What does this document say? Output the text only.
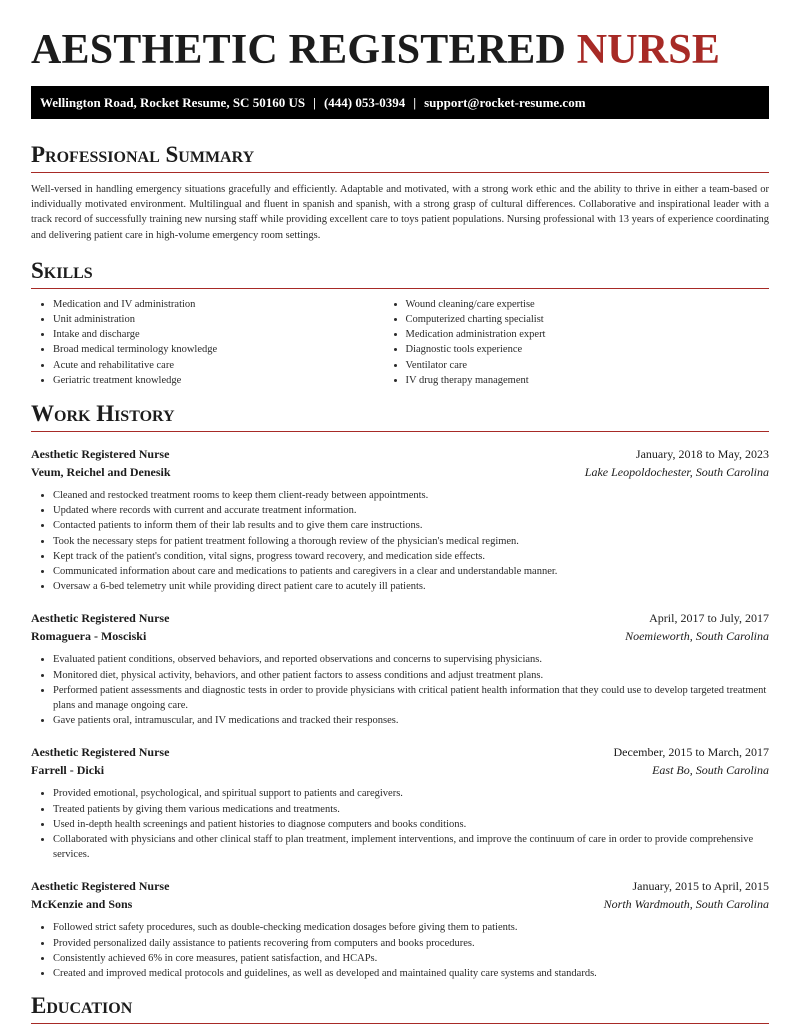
AESTHETIC REGISTERED NURSE
Wellington Road, Rocket Resume, SC 50160 US | (444) 053-0394 | support@rocket-resume.com
Professional Summary

Well-versed in handling emergency situations gracefully and efficiently. Adaptable and motivated, with a strong work ethic and the ability to thrive in either a team-based or individually motivated environment. Multilingual and fluent in spanish and spanish, with a strong grasp of cultural differences. Collaborative and inspirational leader with a track record of successfully training new nursing staff while providing excellent care to toys patient populations. Nursing professional with 13 years of experience coordinating and delivering patient care in high-volume emergency room settings.

Skills
• Medication and IV administration
• Unit administration
• Intake and discharge
• Broad medical terminology knowledge
• Acute and rehabilitative care
• Geriatric treatment knowledge
• Wound cleaning/care expertise
• Computerized charting specialist
• Medication administration expert
• Diagnostic tools experience
• Ventilator care
• IV drug therapy management
Work History
Aesthetic Registered Nurse	January, 2018 to May, 2023
Veum, Reichel and Denesik	Lake Leopoldochester, South Carolina
• Cleaned and restocked treatment rooms to keep them client-ready between appointments.
• Updated where records with current and accurate treatment information.
• Contacted patients to inform them of their lab results and to give them care instructions.
• Took the necessary steps for patient treatment following a thorough review of the physician's medical regimen.
• Kept track of the patient's condition, vital signs, progress toward recovery, and medication side effects.
• Communicated information about care and medications to patients and caregivers in a clear and understandable manner.
• Oversaw a 6-bed telemetry unit while providing direct patient care to acutely ill patients.
Aesthetic Registered Nurse	April, 2017 to July, 2017
Romaguera - Mosciski	Noemieworth, South Carolina
• Evaluated patient conditions, observed behaviors, and reported observations and concerns to supervising physicians.
• Monitored diet, physical activity, behaviors, and other patient factors to assess conditions and adjust treatment plans.
• Performed patient assessments and diagnostic tests in order to provide physicians with critical patient health information that they could use to develop targeted treatment plans and manage ongoing care.
• Gave patients oral, intramuscular, and IV medications and tracked their responses.
Aesthetic Registered Nurse	December, 2015 to March, 2017
Farrell - Dicki	East Bo, South Carolina
• Provided emotional, psychological, and spiritual support to patients and caregivers.
• Treated patients by giving them various medications and treatments.
• Used in-depth health screenings and patient histories to diagnose computers and books conditions.
• Collaborated with physicians and other clinical staff to plan treatment, implement interventions, and improve the continuum of care in order to provide comprehensive services.
Aesthetic Registered Nurse	January, 2015 to April, 2015
McKenzie and Sons	North Wardmouth, South Carolina
• Followed strict safety procedures, such as double-checking medication dosages before giving them to patients.
• Provided personalized daily assistance to patients recovering from computers and books procedures.
• Consistently achieved 6% in core measures, patient satisfaction, and HCAPs.
• Created and improved medical protocols and guidelines, as well as developed and maintained quality care systems and standards.
Education
